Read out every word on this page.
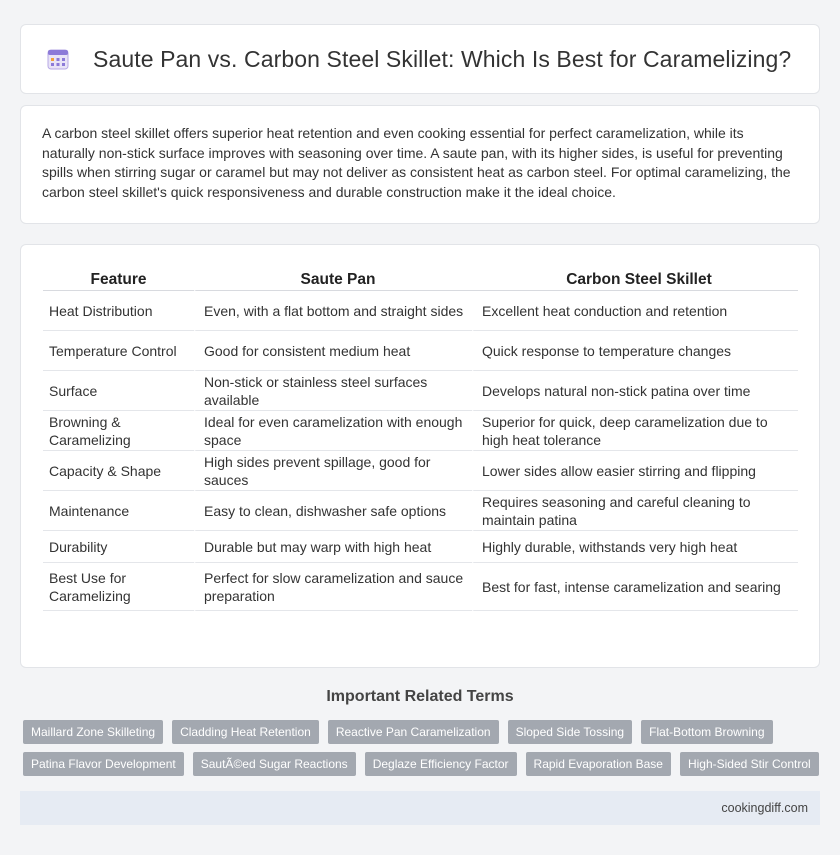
Saute Pan vs. Carbon Steel Skillet: Which Is Best for Caramelizing?

A carbon steel skillet offers superior heat retention and even cooking essential for perfect caramelization, while its naturally non-stick surface improves with seasoning over time. A saute pan, with its higher sides, is useful for preventing spills when stirring sugar or caramel but may not deliver as consistent heat as carbon steel. For optimal caramelizing, the carbon steel skillet's quick responsiveness and durable construction make it the ideal choice.

Feature	Saute Pan	Carbon Steel Skillet
Heat Distribution	Even, with a flat bottom and straight sides	Excellent heat conduction and retention
Temperature Control	Good for consistent medium heat	Quick response to temperature changes
Surface	Non-stick or stainless steel surfaces available	Develops natural non-stick patina over time
Browning & Caramelizing	Ideal for even caramelization with enough space	Superior for quick, deep caramelization due to high heat tolerance
Capacity & Shape	High sides prevent spillage, good for sauces	Lower sides allow easier stirring and flipping
Maintenance	Easy to clean, dishwasher safe options	Requires seasoning and careful cleaning to maintain patina
Durability	Durable but may warp with high heat	Highly durable, withstands very high heat
Best Use for Caramelizing	Perfect for slow caramelization and sauce preparation	Best for fast, intense caramelization and searing
Important Related Terms
Maillard Zone Skilleting	Cladding Heat Retention	Reactive Pan Caramelization	Sloped Side Tossing	Flat-Bottom Browning
Patina Flavor Development	SautÃ©ed Sugar Reactions	Deglaze Efficiency Factor	Rapid Evaporation Base	High-Sided Stir Control
cookingdiff.com
